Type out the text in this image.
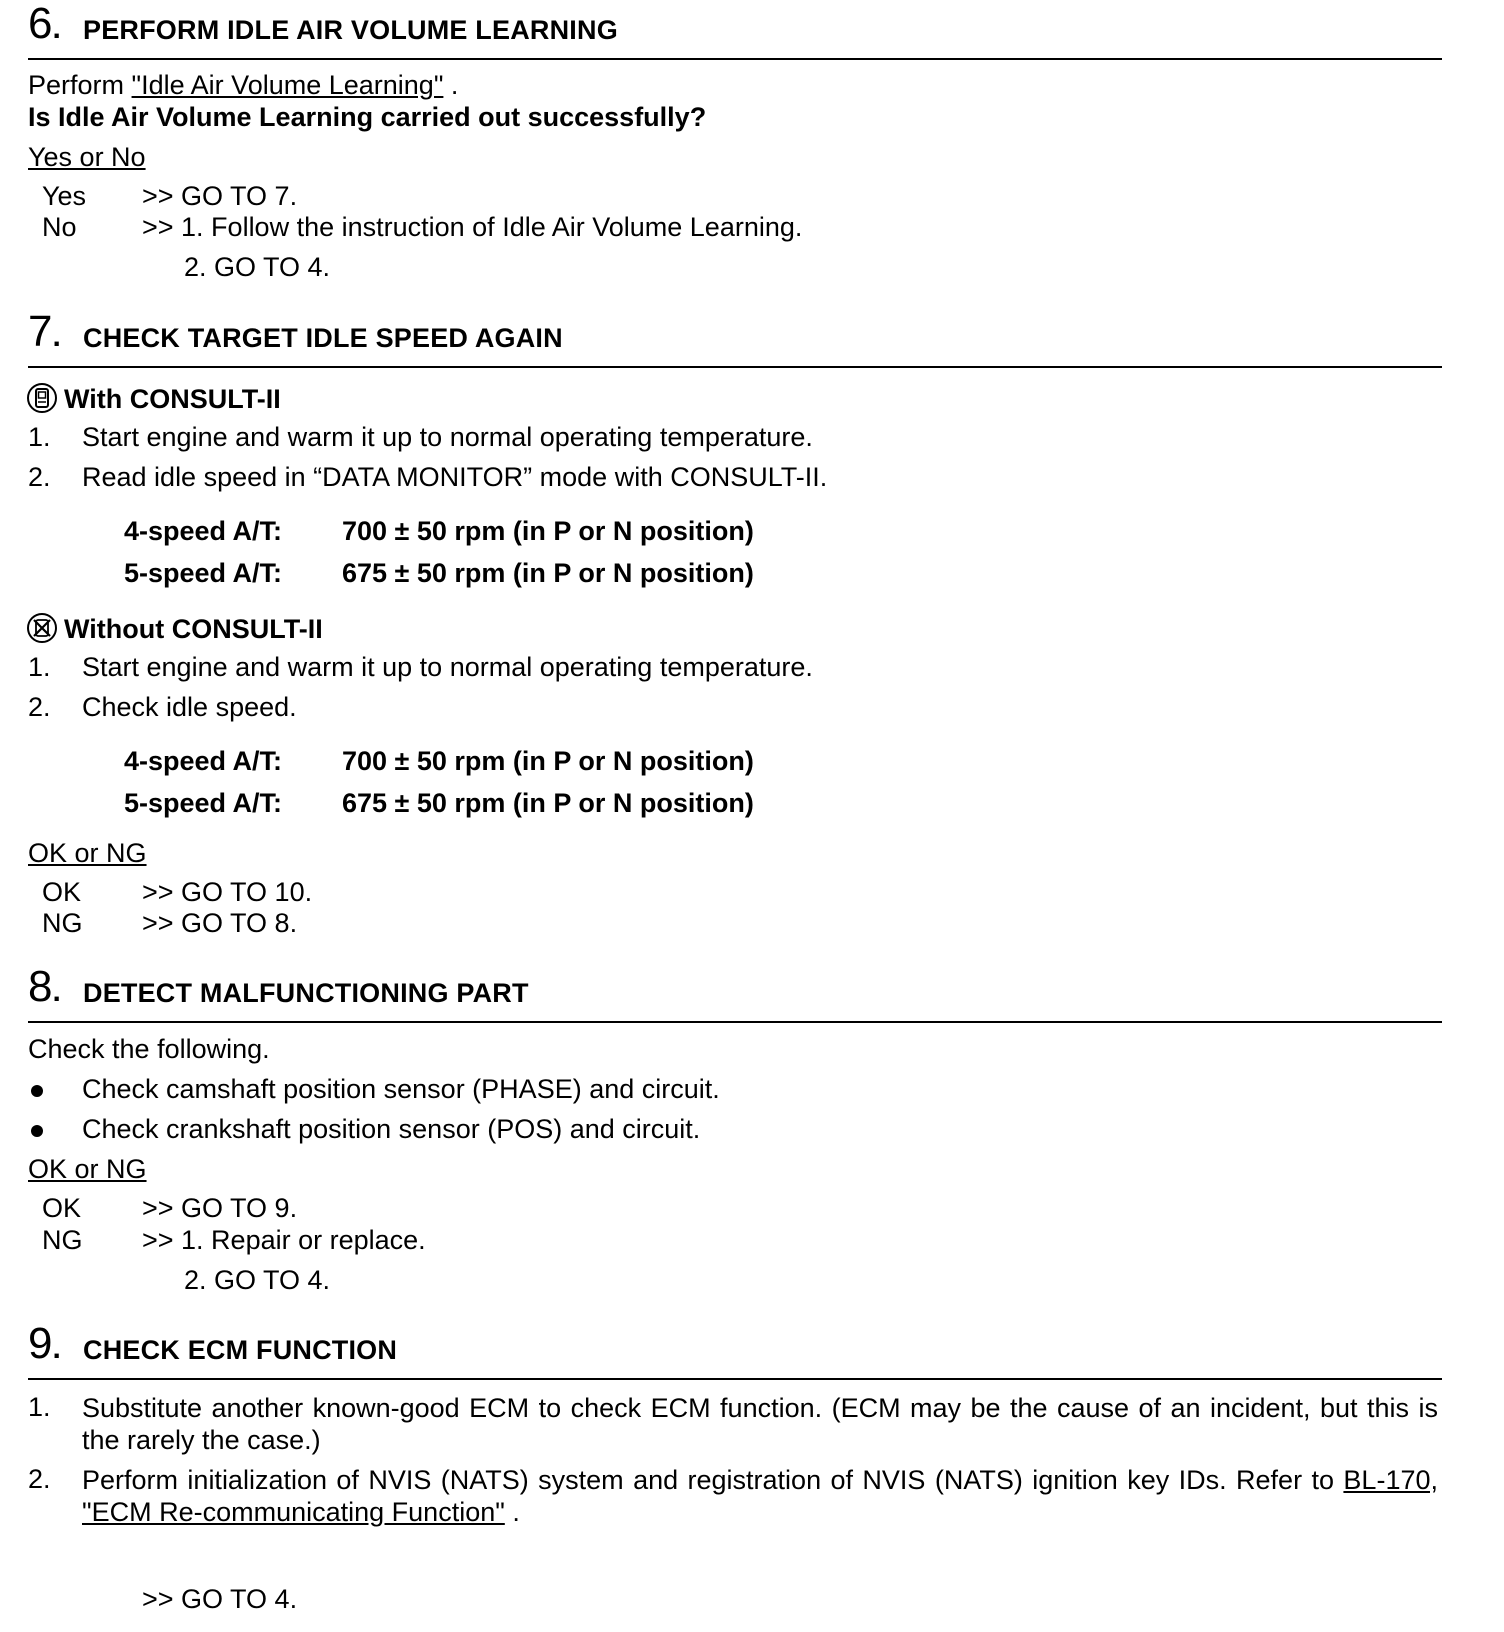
6. PERFORM IDLE AIR VOLUME LEARNING
Perform "Idle Air Volume Learning" .
Is Idle Air Volume Learning carried out successfully?
Yes or No
Yes >> GO TO 7.
No >> 1. Follow the instruction of Idle Air Volume Learning.
2. GO TO 4.
7. CHECK TARGET IDLE SPEED AGAIN
With CONSULT-II
1. Start engine and warm it up to normal operating temperature.
2. Read idle speed in “DATA MONITOR” mode with CONSULT-II.
4-speed A/T: 700 ± 50 rpm (in P or N position)
5-speed A/T: 675 ± 50 rpm (in P or N position)
Without CONSULT-II
1. Start engine and warm it up to normal operating temperature.
2. Check idle speed.
4-speed A/T: 700 ± 50 rpm (in P or N position)
5-speed A/T: 675 ± 50 rpm (in P or N position)
OK or NG
OK >> GO TO 10.
NG >> GO TO 8.
8. DETECT MALFUNCTIONING PART
Check the following.
Check camshaft position sensor (PHASE) and circuit.
Check crankshaft position sensor (POS) and circuit.
OK or NG
OK >> GO TO 9.
NG >> 1. Repair or replace.
2. GO TO 4.
9. CHECK ECM FUNCTION
1. Substitute another known-good ECM to check ECM function. (ECM may be the cause of an incident, but this is the rarely the case.)
2. Perform initialization of NVIS (NATS) system and registration of NVIS (NATS) ignition key IDs. Refer to BL-170, "ECM Re-communicating Function" .
>> GO TO 4.
